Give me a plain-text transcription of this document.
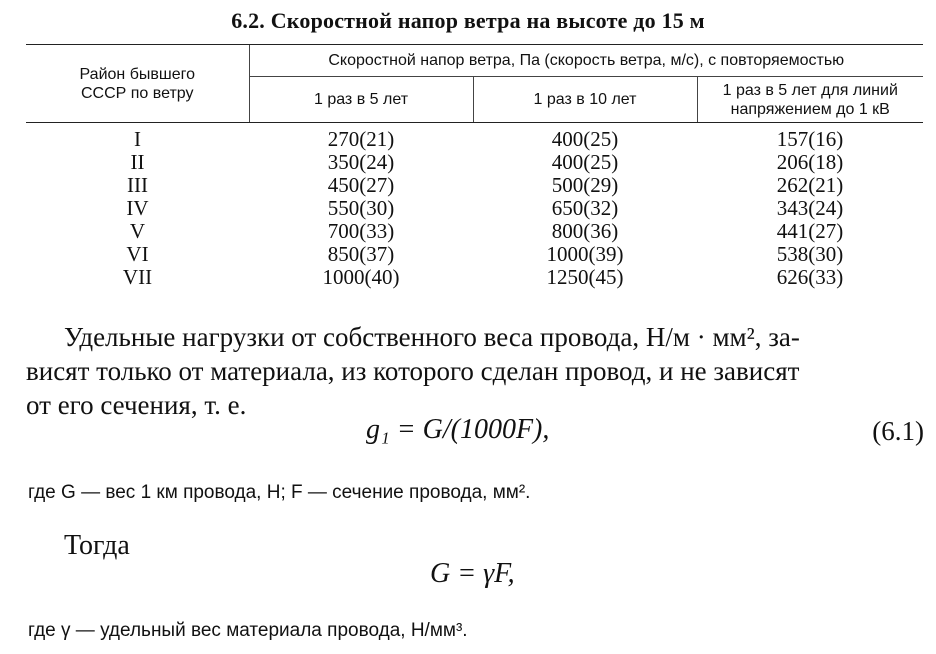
6.2. Скоростной напор ветра на высоте до 15 м
Район бывшего СССР по ветру	Скоростной напор ветра, Па (скорость ветра, м/с), с повторяемостью		
	1 раз в 5 лет	1 раз в 10 лет	1 раз в 5 лет для линий напряжением до 1 кВ
I	270(21)	400(25)	157(16)
II	350(24)	400(25)	206(18)
III	450(27)	500(29)	262(21)
IV	550(30)	650(32)	343(24)
V	700(33)	800(36)	441(27)
VI	850(37)	1000(39)	538(30)
VII	1000(40)	1250(45)	626(33)
Удельные нагрузки от собственного веса провода, Н/м · мм², за-
висят только от материала, из которого сделан провод, и не зависят
от его сечения, т. е.
g₁ = G/(1000F),	(6.1)
где G — вес 1 км провода, Н; F — сечение провода, мм².
Тогда
G = γF,
где γ — удельный вес материала провода, Н/мм³.
